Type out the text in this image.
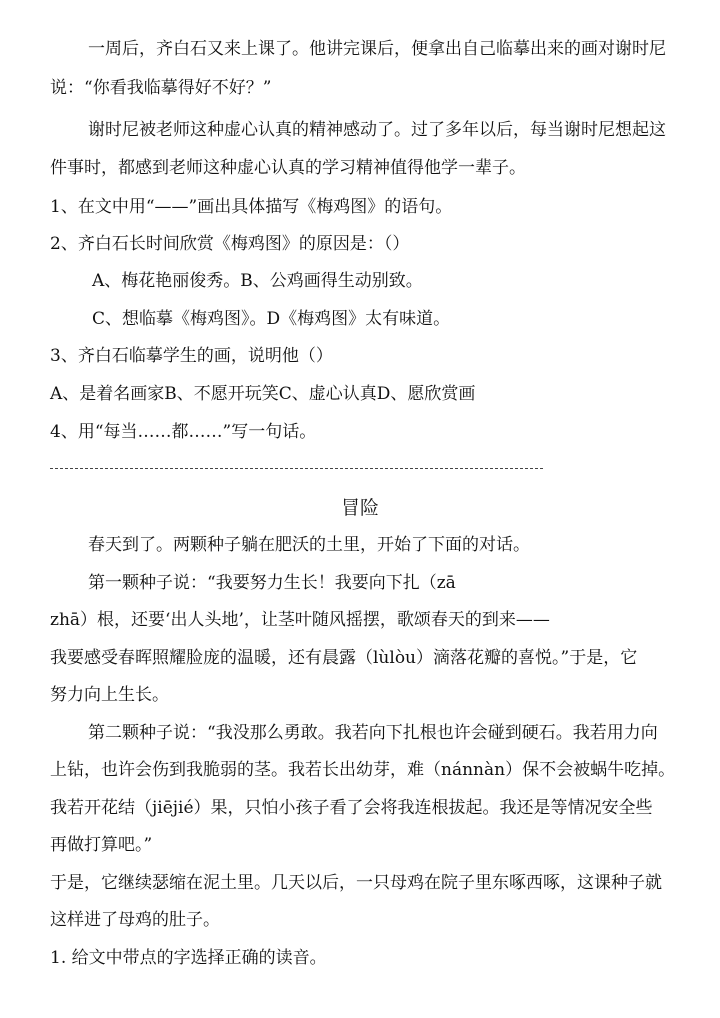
一周后，齐白石又来上课了。他讲完课后，便拿出自己临摹出来的画对谢时尼
说：“你看我临摹得好不好？”
谢时尼被老师这种虚心认真的精神感动了。过了多年以后，每当谢时尼想起这
件事时，都感到老师这种虚心认真的学习精神值得他学一辈子。
1、在文中用“——”画出具体描写《梅鸡图》的语句。
2、齐白石长时间欣赏《梅鸡图》的原因是：（）
A、梅花艳丽俊秀。B、公鸡画得生动别致。
C、想临摹《梅鸡图》。D《梅鸡图》太有味道。
3、齐白石临摹学生的画，说明他（）
A、是着名画家B、不愿开玩笑C、虚心认真D、愿欣赏画
4、用“每当……都……”写一句话。
冒险
春天到了。两颗种子躺在肥沃的土里，开始了下面的对话。
第一颗种子说：“我要努力生长！我要向下扎（zā
zhā）根，还要‘出人头地’，让茎叶随风摇摆，歌颂春天的到来——
我要感受春晖照耀脸庞的温暖，还有晨露（lùlòu）滴落花瓣的喜悦。”于是，它
努力向上生长。
第二颗种子说：“我没那么勇敢。我若向下扎根也许会碰到硬石。我若用力向
上钻，也许会伤到我脆弱的茎。我若长出幼芽，难（nánnàn）保不会被蜗牛吃掉。
我若开花结（jiējié）果，只怕小孩子看了会将我连根拔起。我还是等情况安全些
再做打算吧。”
于是，它继续瑟缩在泥土里。几天以后，一只母鸡在院子里东啄西啄，这课种子就
这样进了母鸡的肚子。
1. 给文中带点的字选择正确的读音。
